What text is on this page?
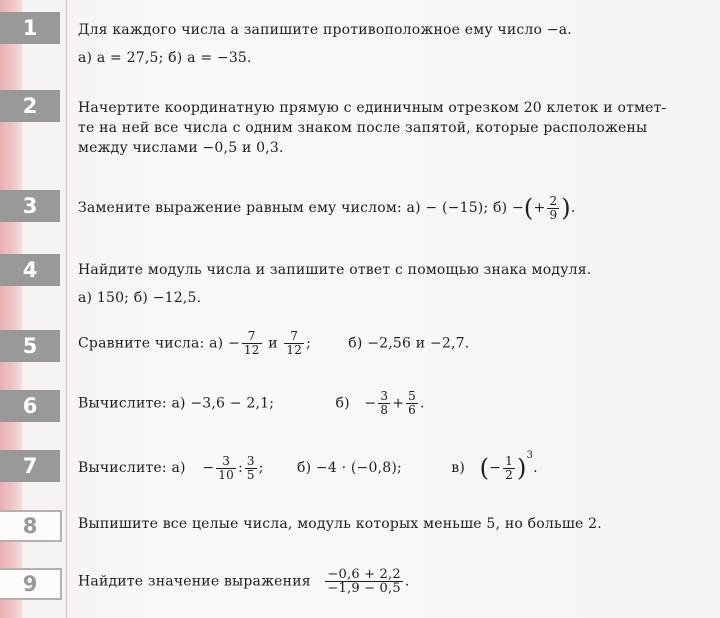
1	Для каждого числа a запишите противоположное ему число −a.
а) a = 27,5; б) a = −35.
2	Начертите координатную прямую с единичным отрезком 20 клеток и отмет-
те на ней все числа с одним знаком после запятой, которые расположены
между числами −0,5 и 0,3.
3	Замените выражение равным ему числом: а) − (−15); б) −(+ $\frac{2}{9}$ ).
4	Найдите модуль числа и запишите ответ с помощью знака модуля.
а) 150; б) −12,5.
5	Сравните числа: $а) - \frac{7}{12}$ и $\frac{7}{12}$ ;	б) −2,56 и −2,7.
6	Вычислите: а) −3,6 − 2,1;	$б) - \frac{3}{8} + \frac{5}{6}$ .
7	Вычислите: $а) - \frac{3}{10}$ : $\frac{3}{5}$ ; б) −4 · (−0,8);	в) (− $\frac{1}{2} )^3$.
8	Выпишите все целые числа, модуль которых меньше 5, но больше 2.
9	Найдите значение выражения $\frac{-0,6 + 2,2}{-1,9 - 0,5}$ .
